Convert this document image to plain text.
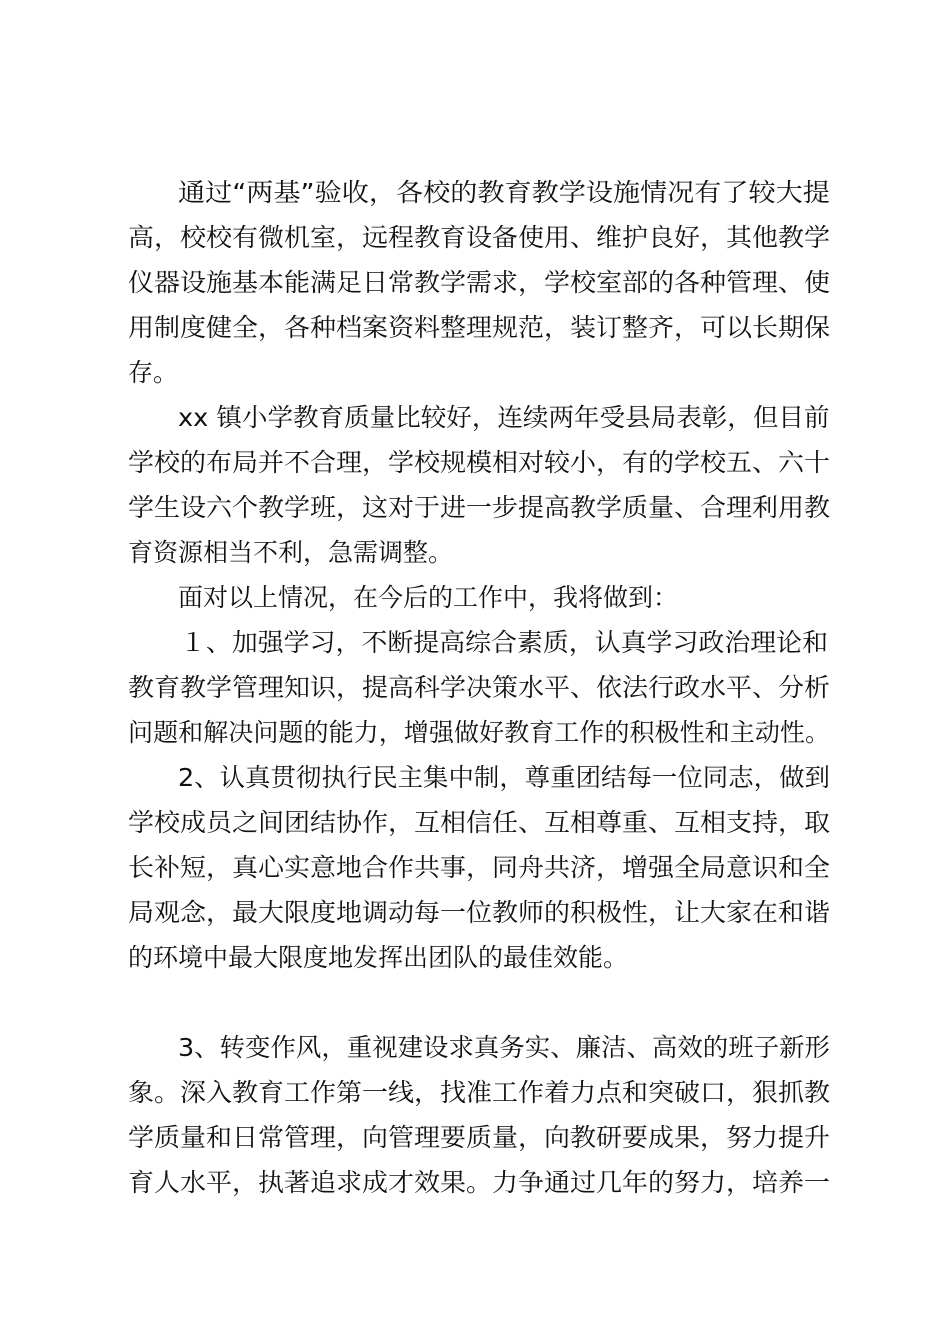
通过“两基”验收，各校的教育教学设施情况有了较大提
高，校校有微机室，远程教育设备使用、维护良好，其他教学
仪器设施基本能满足日常教学需求，学校室部的各种管理、使
用制度健全，各种档案资料整理规范，装订整齐，可以长期保
存。
xx 镇小学教育质量比较好，连续两年受县局表彰，但目前
学校的布局并不合理，学校规模相对较小，有的学校五、六十
学生设六个教学班，这对于进一步提高教学质量、合理利用教
育资源相当不利，急需调整。
面对以上情况，在今后的工作中，我将做到：
１、加强学习，不断提高综合素质，认真学习政治理论和
教育教学管理知识，提高科学决策水平、依法行政水平、分析
问题和解决问题的能力，增强做好教育工作的积极性和主动性。
2、认真贯彻执行民主集中制，尊重团结每一位同志，做到
学校成员之间团结协作，互相信任、互相尊重、互相支持，取
长补短，真心实意地合作共事，同舟共济，增强全局意识和全
局观念，最大限度地调动每一位教师的积极性，让大家在和谐
的环境中最大限度地发挥出团队的最佳效能。
3、转变作风，重视建设求真务实、廉洁、高效的班子新形
象。深入教育工作第一线，找准工作着力点和突破口，狠抓教
学质量和日常管理，向管理要质量，向教研要成果，努力提升
育人水平，执著追求成才效果。力争通过几年的努力，培养一
